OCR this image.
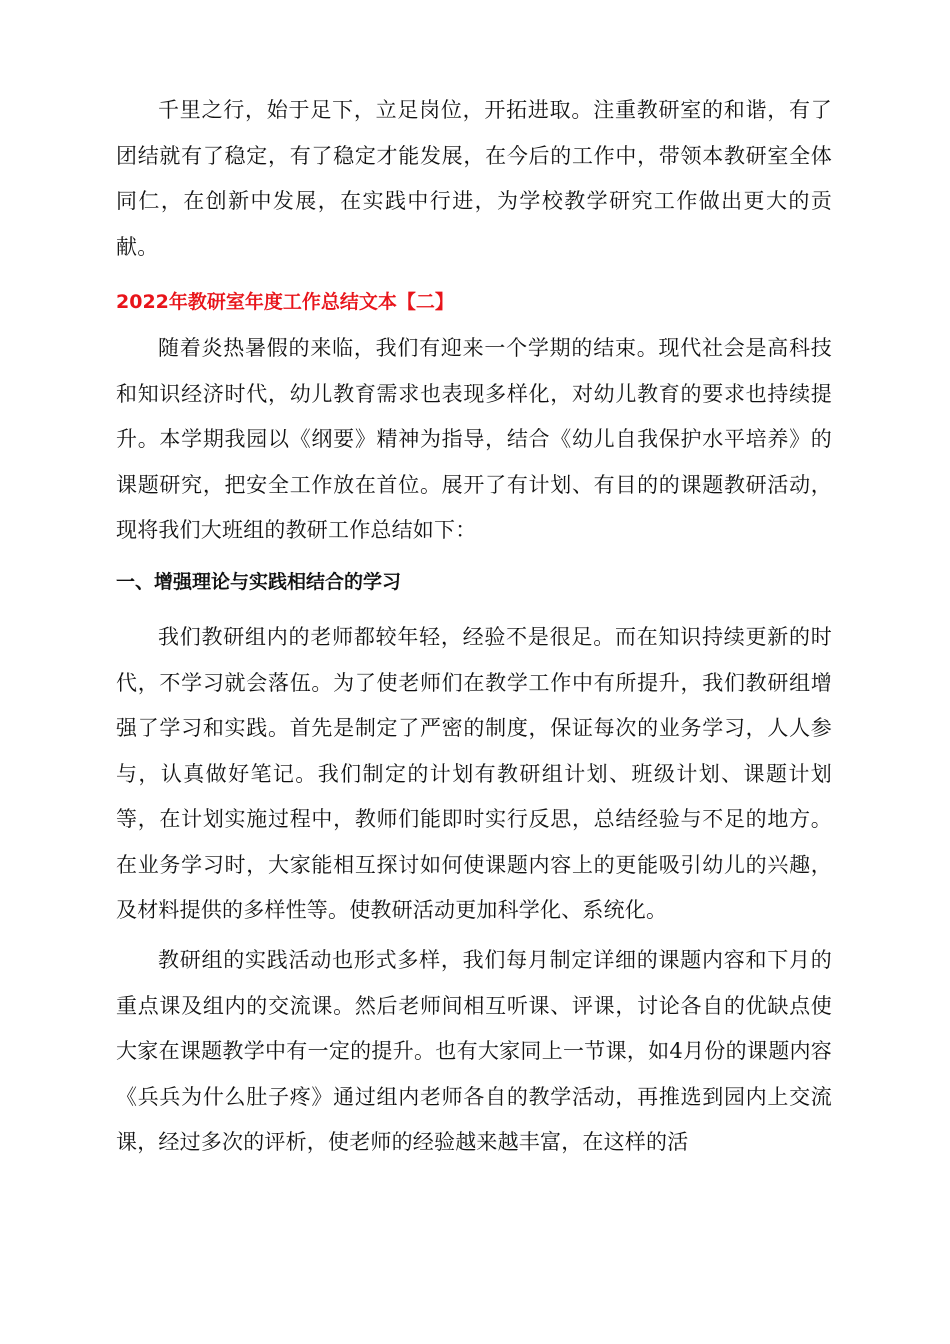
千里之行，始于足下，立足岗位，开拓进取。注重教研室的和谐，有了团结就有了稳定，有了稳定才能发展，在今后的工作中，带领本教研室全体同仁，在创新中发展，在实践中行进，为学校教学研究工作做出更大的贡献。

2022年教研室年度工作总结文本【二】

随着炎热暑假的来临，我们有迎来一个学期的结束。现代社会是高科技和知识经济时代，幼儿教育需求也表现多样化，对幼儿教育的要求也持续提升。本学期我园以《纲要》精神为指导，结合《幼儿自我保护水平培养》的课题研究，把安全工作放在首位。展开了有计划、有目的的课题教研活动，现将我们大班组的教研工作总结如下：

一、增强理论与实践相结合的学习

我们教研组内的老师都较年轻，经验不是很足。而在知识持续更新的时代，不学习就会落伍。为了使老师们在教学工作中有所提升，我们教研组增强了学习和实践。首先是制定了严密的制度，保证每次的业务学习，人人参与，认真做好笔记。我们制定的计划有教研组计划、班级计划、课题计划等，在计划实施过程中，教师们能即时实行反思，总结经验与不足的地方。在业务学习时，大家能相互探讨如何使课题内容上的更能吸引幼儿的兴趣，及材料提供的多样性等。使教研活动更加科学化、系统化。

教研组的实践活动也形式多样，我们每月制定详细的课题内容和下月的重点课及组内的交流课。然后老师间相互听课、评课，讨论各自的优缺点使大家在课题教学中有一定的提升。也有大家同上一节课，如4月份的课题内容《兵兵为什么肚子疼》通过组内老师各自的教学活动，再推选到园内上交流课，经过多次的评析，使老师的经验越来越丰富，在这样的活
